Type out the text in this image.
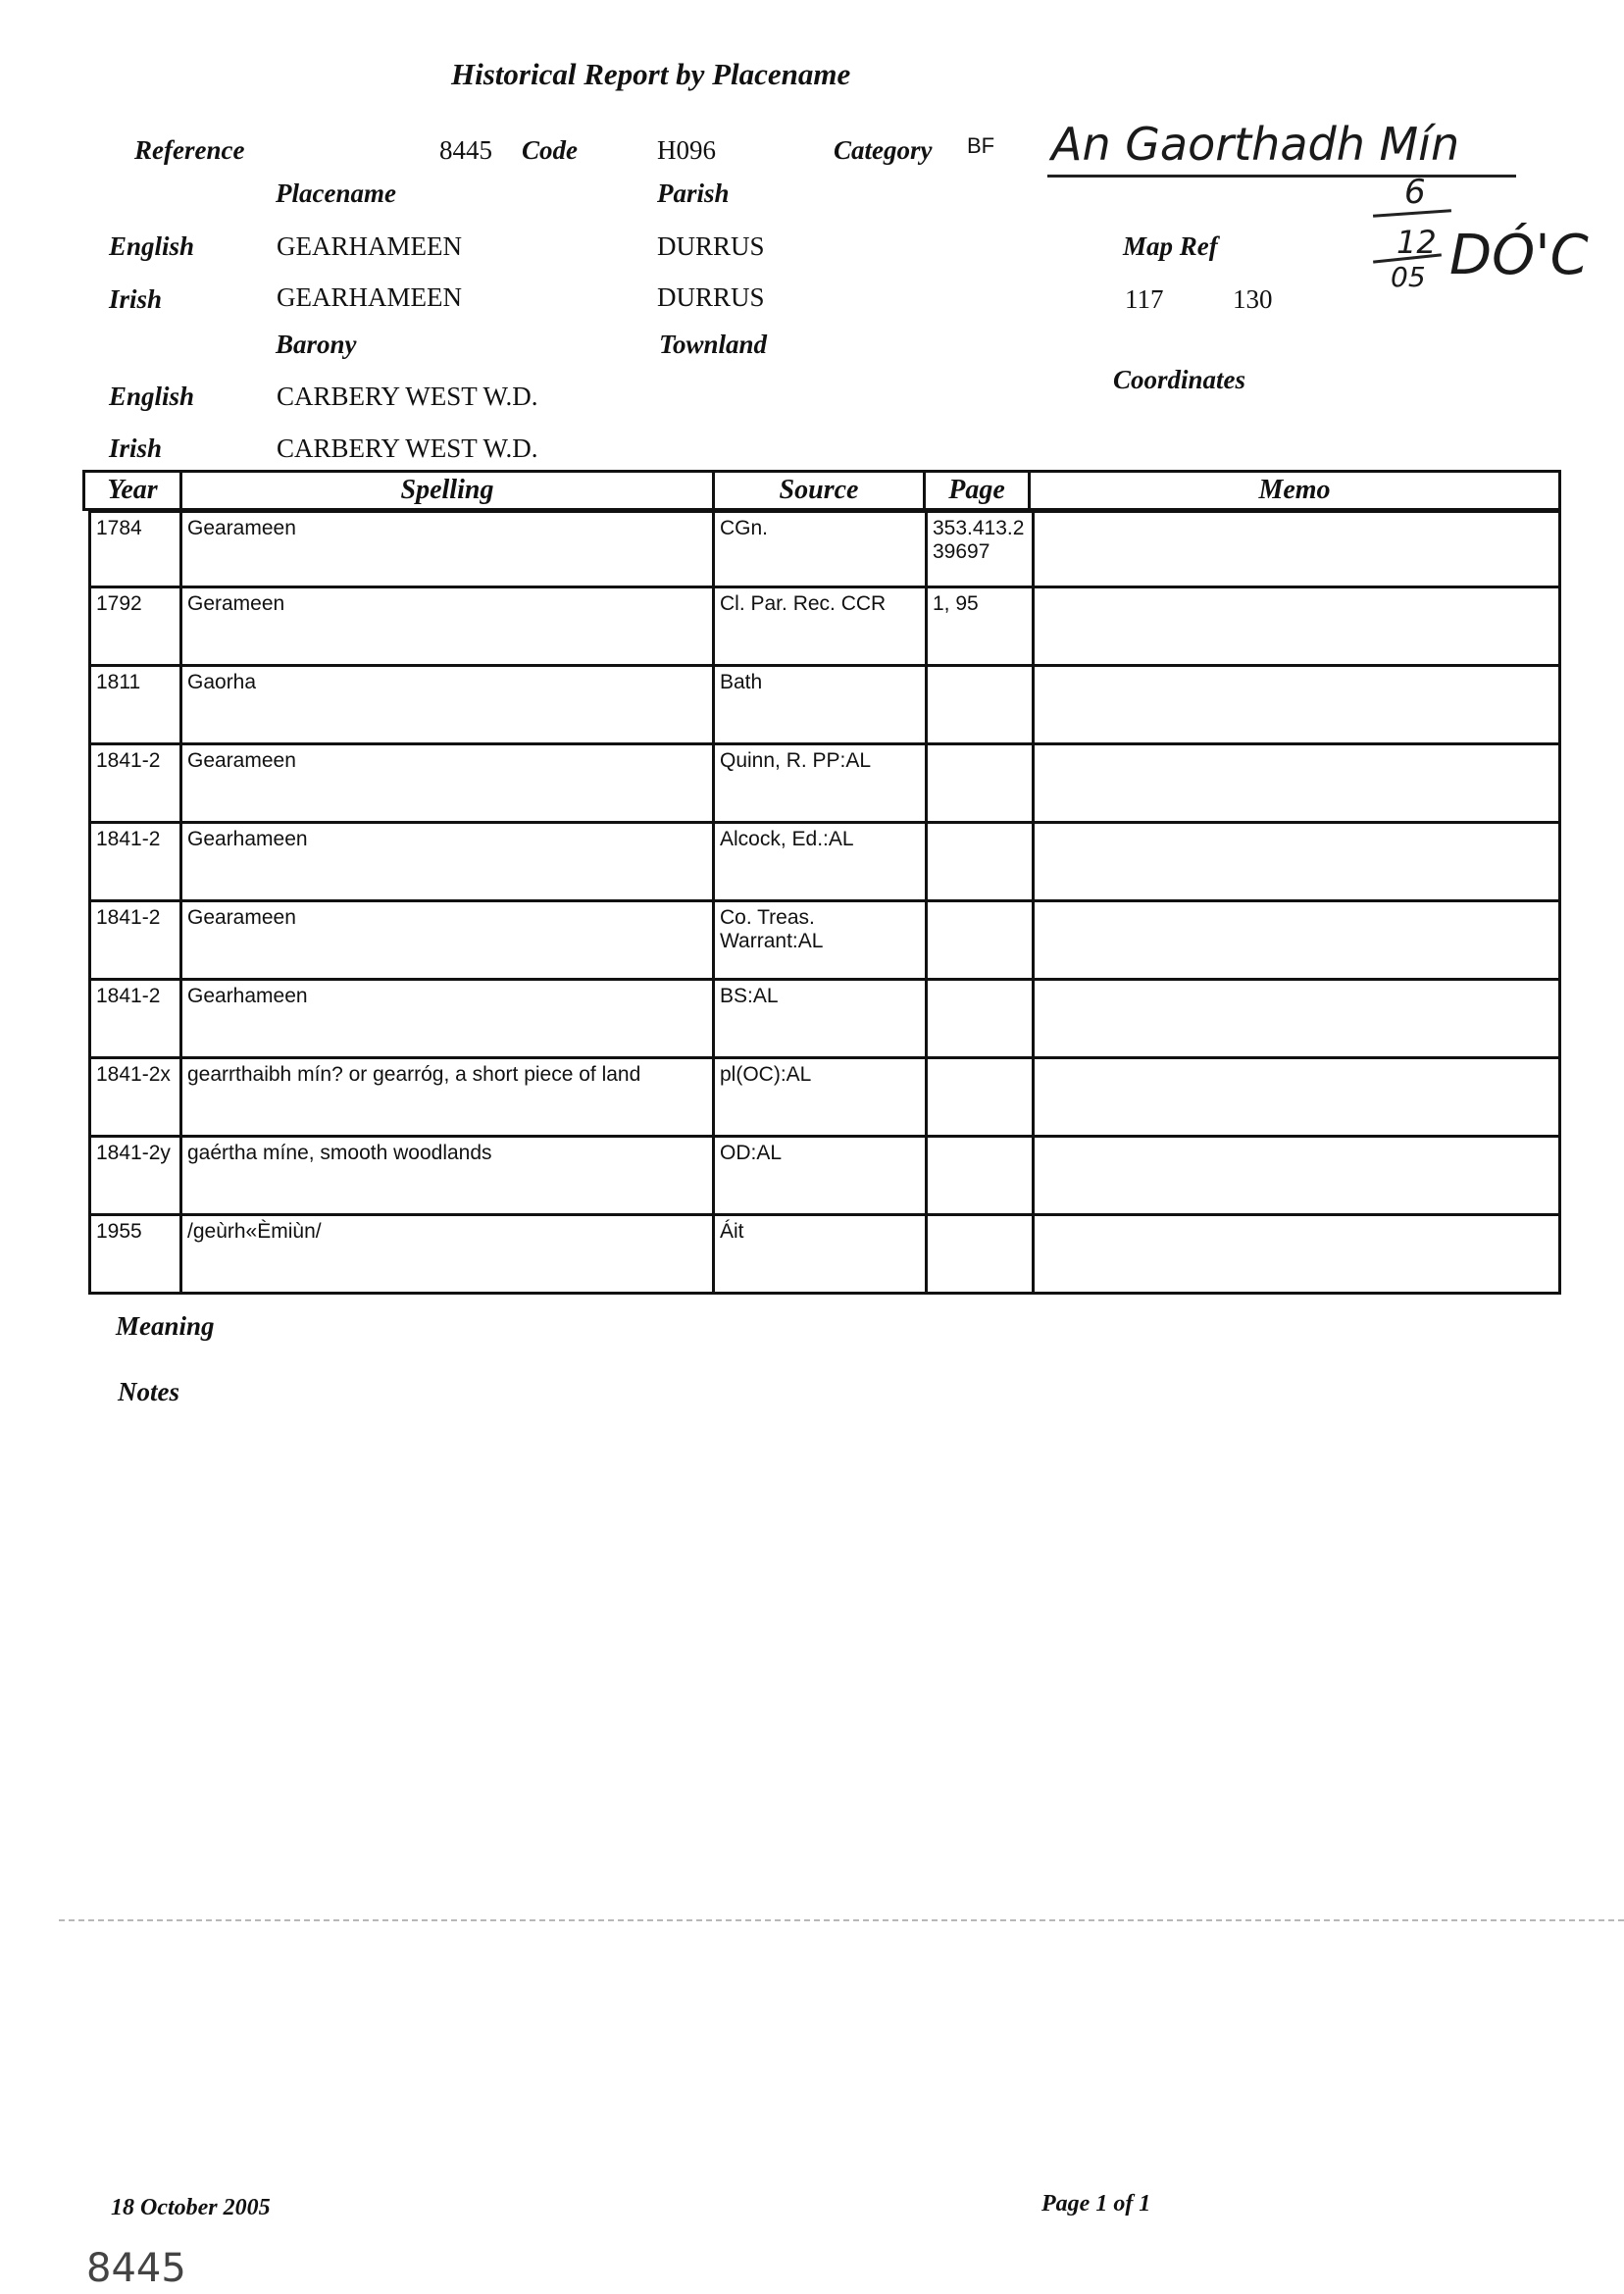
Historical Report by Placename
Reference	8445 Code	H096	Category BF
Placename	Parish
English	GEARHAMEEN	DURRUS	Map Ref
Irish	GEARHAMEEN	DURRUS	117	130
Barony	Townland
Coordinates
English	CARBERY WEST W.D.
Irish	CARBERY WEST W.D.
An Gaorthadh Mín
6
12
05 DÓ'C
Year	Spelling	Source	Page	Memo
1784	Gearameen	CGn.	353.413.2 39697
1792	Gerameen	Cl. Par. Rec. CCR	1, 95
1811	Gaorha	Bath
1841-2	Gearameen	Quinn, R. PP:AL
1841-2	Gearhameen	Alcock, Ed.:AL
1841-2	Gearameen	Co. Treas. Warrant:AL
1841-2	Gearhameen	BS:AL
1841-2x gearrthaibh mín? or gearróg, a short piece of land	pl(OC):AL
1841-2y gaértha míne, smooth woodlands	OD:AL
1955	/geùrh«Èmiùn/	Áit
Meaning
Notes
18 October 2005	Page 1 of 1
8445
